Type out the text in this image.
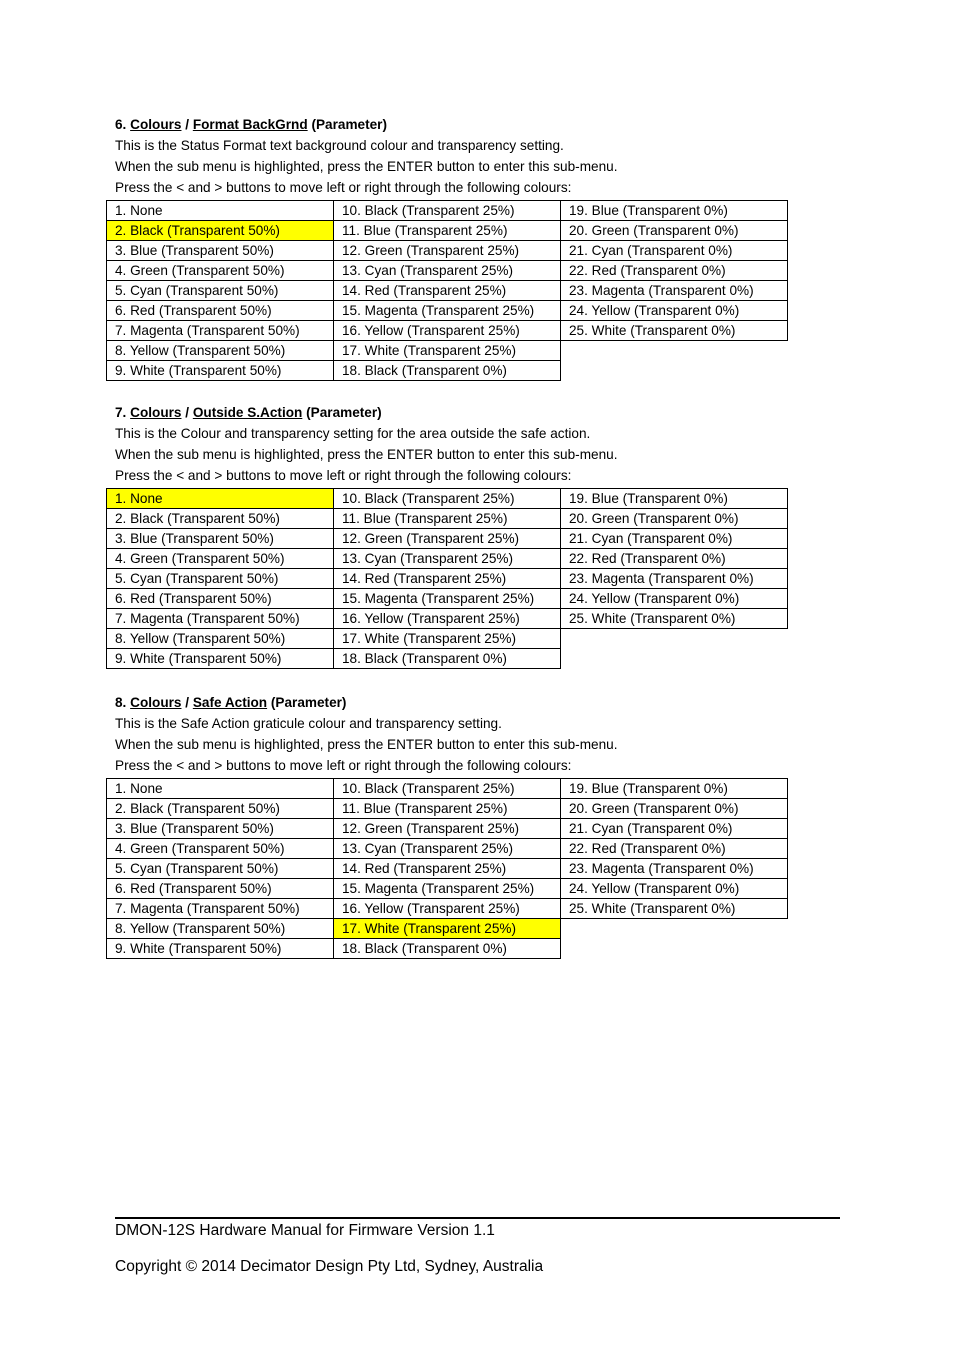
6. Colours / Format BackGrnd (Parameter)
This is the Status Format text background colour and transparency setting.
When the sub menu is highlighted, press the ENTER button to enter this sub-menu.
Press the < and > buttons to move left or right through the following colours:
1. None	10. Black (Transparent 25%)	19. Blue (Transparent 0%)
2. Black (Transparent 50%)	11. Blue (Transparent 25%)	20. Green (Transparent 0%)
3. Blue (Transparent 50%)	12. Green (Transparent 25%)	21. Cyan (Transparent 0%)
4. Green (Transparent 50%)	13. Cyan (Transparent 25%)	22. Red (Transparent 0%)
5. Cyan (Transparent 50%)	14. Red (Transparent 25%)	23. Magenta (Transparent 0%)
6. Red (Transparent 50%)	15. Magenta (Transparent 25%)	24. Yellow (Transparent 0%)
7. Magenta (Transparent 50%)	16. Yellow (Transparent 25%)	25. White (Transparent 0%)
8. Yellow (Transparent 50%)	17. White (Transparent 25%)	
9. White (Transparent 50%)	18. Black (Transparent 0%)	
7. Colours / Outside S.Action (Parameter)
This is the Colour and transparency setting for the area outside the safe action.
When the sub menu is highlighted, press the ENTER button to enter this sub-menu.
Press the < and > buttons to move left or right through the following colours:
1. None	10. Black (Transparent 25%)	19. Blue (Transparent 0%)
2. Black (Transparent 50%)	11. Blue (Transparent 25%)	20. Green (Transparent 0%)
3. Blue (Transparent 50%)	12. Green (Transparent 25%)	21. Cyan (Transparent 0%)
4. Green (Transparent 50%)	13. Cyan (Transparent 25%)	22. Red (Transparent 0%)
5. Cyan (Transparent 50%)	14. Red (Transparent 25%)	23. Magenta (Transparent 0%)
6. Red (Transparent 50%)	15. Magenta (Transparent 25%)	24. Yellow (Transparent 0%)
7. Magenta (Transparent 50%)	16. Yellow (Transparent 25%)	25. White (Transparent 0%)
8. Yellow (Transparent 50%)	17. White (Transparent 25%)	
9. White (Transparent 50%)	18. Black (Transparent 0%)	
8. Colours / Safe Action (Parameter)
This is the Safe Action graticule colour and transparency setting.
When the sub menu is highlighted, press the ENTER button to enter this sub-menu.
Press the < and > buttons to move left or right through the following colours:
1. None	10. Black (Transparent 25%)	19. Blue (Transparent 0%)
2. Black (Transparent 50%)	11. Blue (Transparent 25%)	20. Green (Transparent 0%)
3. Blue (Transparent 50%)	12. Green (Transparent 25%)	21. Cyan (Transparent 0%)
4. Green (Transparent 50%)	13. Cyan (Transparent 25%)	22. Red (Transparent 0%)
5. Cyan (Transparent 50%)	14. Red (Transparent 25%)	23. Magenta (Transparent 0%)
6. Red (Transparent 50%)	15. Magenta (Transparent 25%)	24. Yellow (Transparent 0%)
7. Magenta (Transparent 50%)	16. Yellow (Transparent 25%)	25. White (Transparent 0%)
8. Yellow (Transparent 50%)	17. White (Transparent 25%)	
9. White (Transparent 50%)	18. Black (Transparent 0%)	
DMON-12S Hardware Manual for Firmware Version 1.1
Copyright © 2014 Decimator Design Pty Ltd, Sydney, Australia
